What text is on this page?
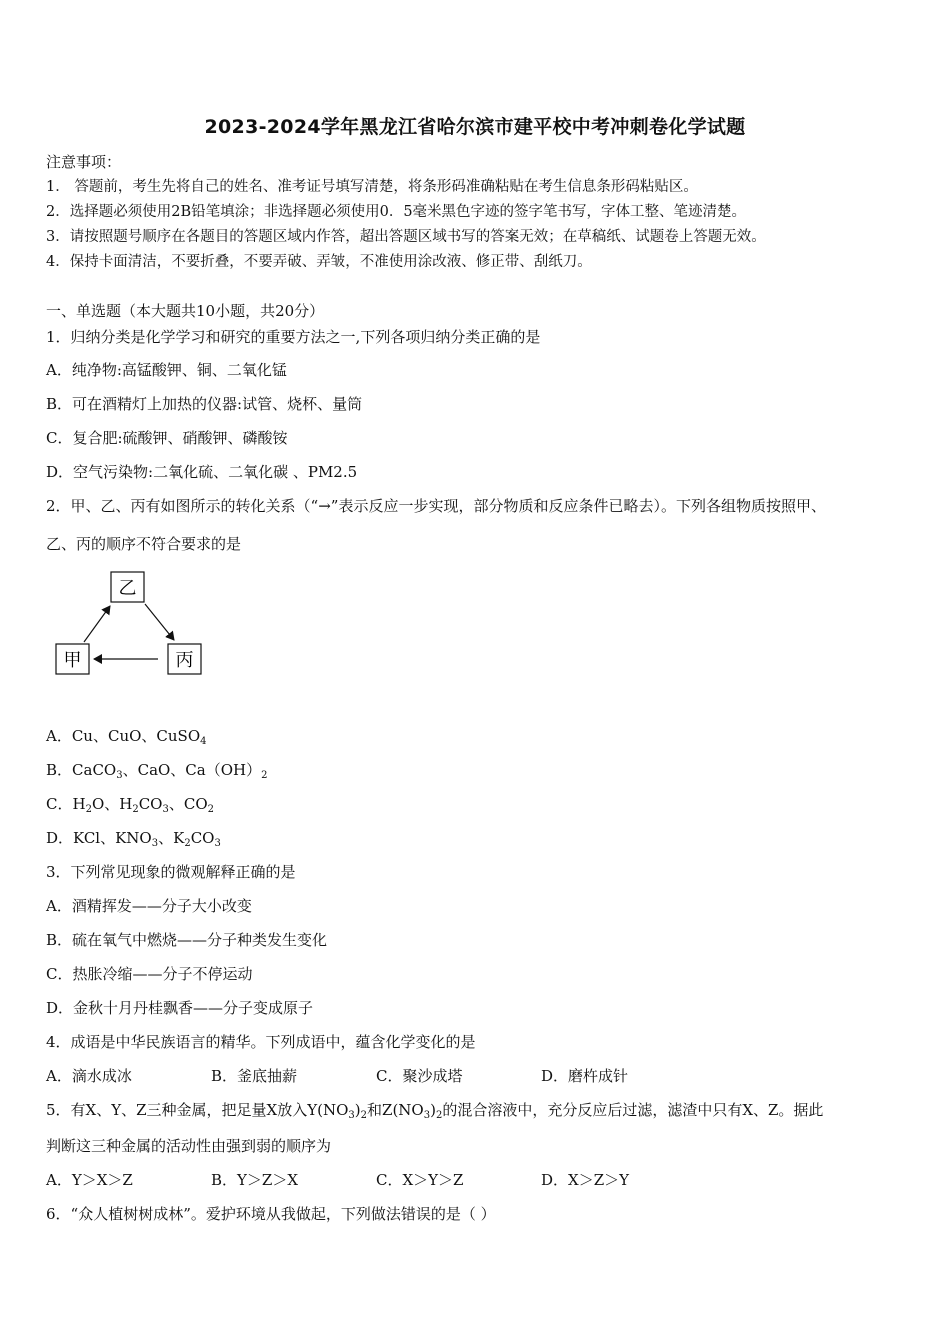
2023-2024学年黑龙江省哈尔滨市建平校中考冲刺卷化学试题
注意事项：
1． 答题前，考生先将自己的姓名、准考证号填写清楚，将条形码准确粘贴在考生信息条形码粘贴区。
2．选择题必须使用2B铅笔填涂；非选择题必须使用0．5毫米黑色字迹的签字笔书写，字体工整、笔迹清楚。
3．请按照题号顺序在各题目的答题区域内作答，超出答题区域书写的答案无效；在草稿纸、试题卷上答题无效。
4．保持卡面清洁，不要折叠，不要弄破、弄皱，不准使用涂改液、修正带、刮纸刀。
一、单选题（本大题共10小题，共20分）
1．归纳分类是化学学习和研究的重要方法之一,下列各项归纳分类正确的是
A．纯净物:高锰酸钾、铜、二氧化锰
B．可在酒精灯上加热的仪器:试管、烧杯、量筒
C．复合肥:硫酸钾、硝酸钾、磷酸铵
D．空气污染物:二氧化硫、二氧化碳 、PM2.5
2．甲、乙、丙有如图所示的转化关系（“→”表示反应一步实现，部分物质和反应条件已略去）。下列各组物质按照甲、
乙、丙的顺序不符合要求的是
乙
甲	丙
A．Cu、CuO、CuSO$_4$
B．CaCO$_3$、CaO、$Ca(OH)_2$
C．$H_2O$、$H_2CO_3$、$CO_2$
D．KCl、$KNO_3$、$K_2CO_3$
3．下列常见现象的微观解释正确的是
A．酒精挥发——分子大小改变
B．硫在氧气中燃烧——分子种类发生变化
C．热胀冷缩——分子不停运动
D．金秋十月丹桂飘香——分子变成原子
4．成语是中华民族语言的精华。下列成语中，蕴含化学变化的是
A．滴水成冰	B．釜底抽薪	C．聚沙成塔	D．磨杵成针
5．有X、Y、Z三种金属，把足量X放入$Y(NO_3)_2$和$Z(NO_3)_2$的混合溶液中，充分反应后过滤，滤渣中只有X、Z。据此
判断这三种金属的活动性由强到弱的顺序为
A．Y＞X＞Z	B．Y＞Z＞X	C．X＞Y＞Z	D．X＞Z＞Y
6．“众人植树树成林”。爱护环境从我做起，下列做法错误的是（ ）
